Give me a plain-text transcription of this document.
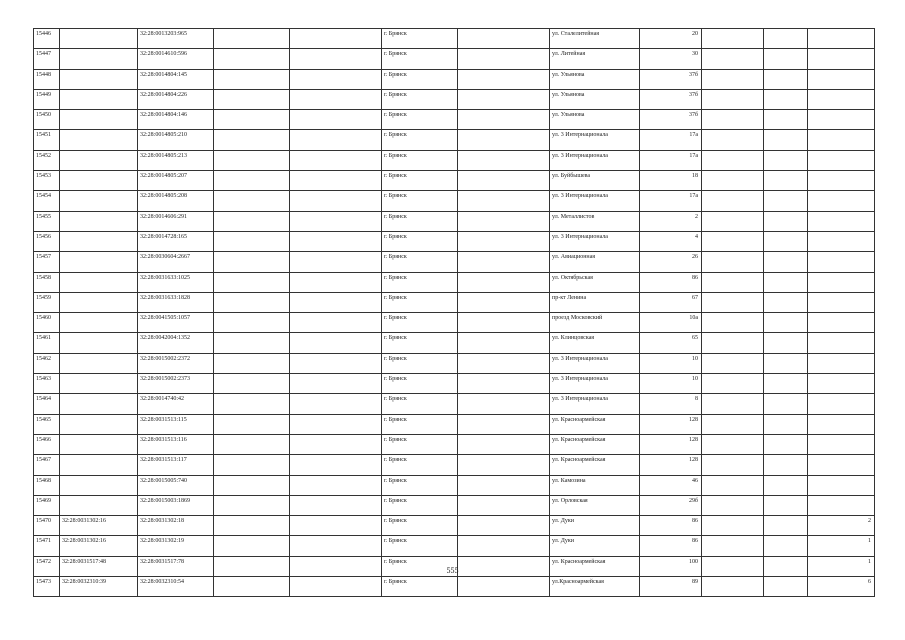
15446		32:28:0013203:965			г. Брянск		ул. Сталелитейная	20			
15447		32:28:0014610:596			г. Брянск		ул. Литейная	30			
15448		32:28:0014804:145			г. Брянск		ул. Ульянова	37б			
15449		32:28:0014804:226			г. Брянск		ул. Ульянова	37б			
15450		32:28:0014804:146			г. Брянск		ул. Ульянова	37б			
15451		32:28:0014805:210			г. Брянск		ул. 3 Интернационала	17а			
15452		32:28:0014805:213			г. Брянск		ул. 3 Интернационала	17а			
15453		32:28:0014805:207			г. Брянск		ул. Буйбышева	18			
15454		32:28:0014805:208			г. Брянск		ул. 3 Интернационала	17а			
15455		32:28:0014606:291			г. Брянск		ул. Металлистов	2			
15456		32:28:0014728:165			г. Брянск		ул. 3 Интернационала	4			
15457		32:28:0030604:2667			г. Брянск		ул. Авиационная	26			
15458		32:28:0031633:1025			г. Брянск		ул. Октябрьская	86			
15459		32:28:0031633:1828			г. Брянск		пр-кт Ленина	67			
15460		32:28:0041505:1057			г. Брянск		проезд Московский	10а			
15461		32:28:0042004:1352			г. Брянск		ул. Клинцовская	65			
15462		32:28:0015002:2372			г. Брянск		ул. 3 Интернационала	10			
15463		32:28:0015002:2373			г. Брянск		ул. 3 Интернационала	10			
15464		32:28:0014740:42			г. Брянск		ул. 3 Интернационала	8			
15465		32:28:0031513:115			г. Брянск		ул. Красноармейская	128			
15466		32:28:0031513:116			г. Брянск		ул. Красноармейская	128			
15467		32:28:0031513:117			г. Брянск		ул. Красноармейская	128			
15468		32:28:0015005:740			г. Брянск		ул. Камозина	46			
15469		32:28:0015003:1869			г. Брянск		ул. Орловская	29б			
15470	32:28:0031302:16	32:28:0031302:18			г. Брянск		ул. Дуки	86			2
15471	32:28:0031302:16	32:28:0031302:19			г. Брянск		ул. Дуки	86			1
15472	32:28:0031517:48	32:28:0031517:78			г. Брянск		ул. Красноармейская	100			1
15473	32:28:0032310:39	32:28:0032310:54			г. Брянск		ул.Красноармейская	89			6
555
